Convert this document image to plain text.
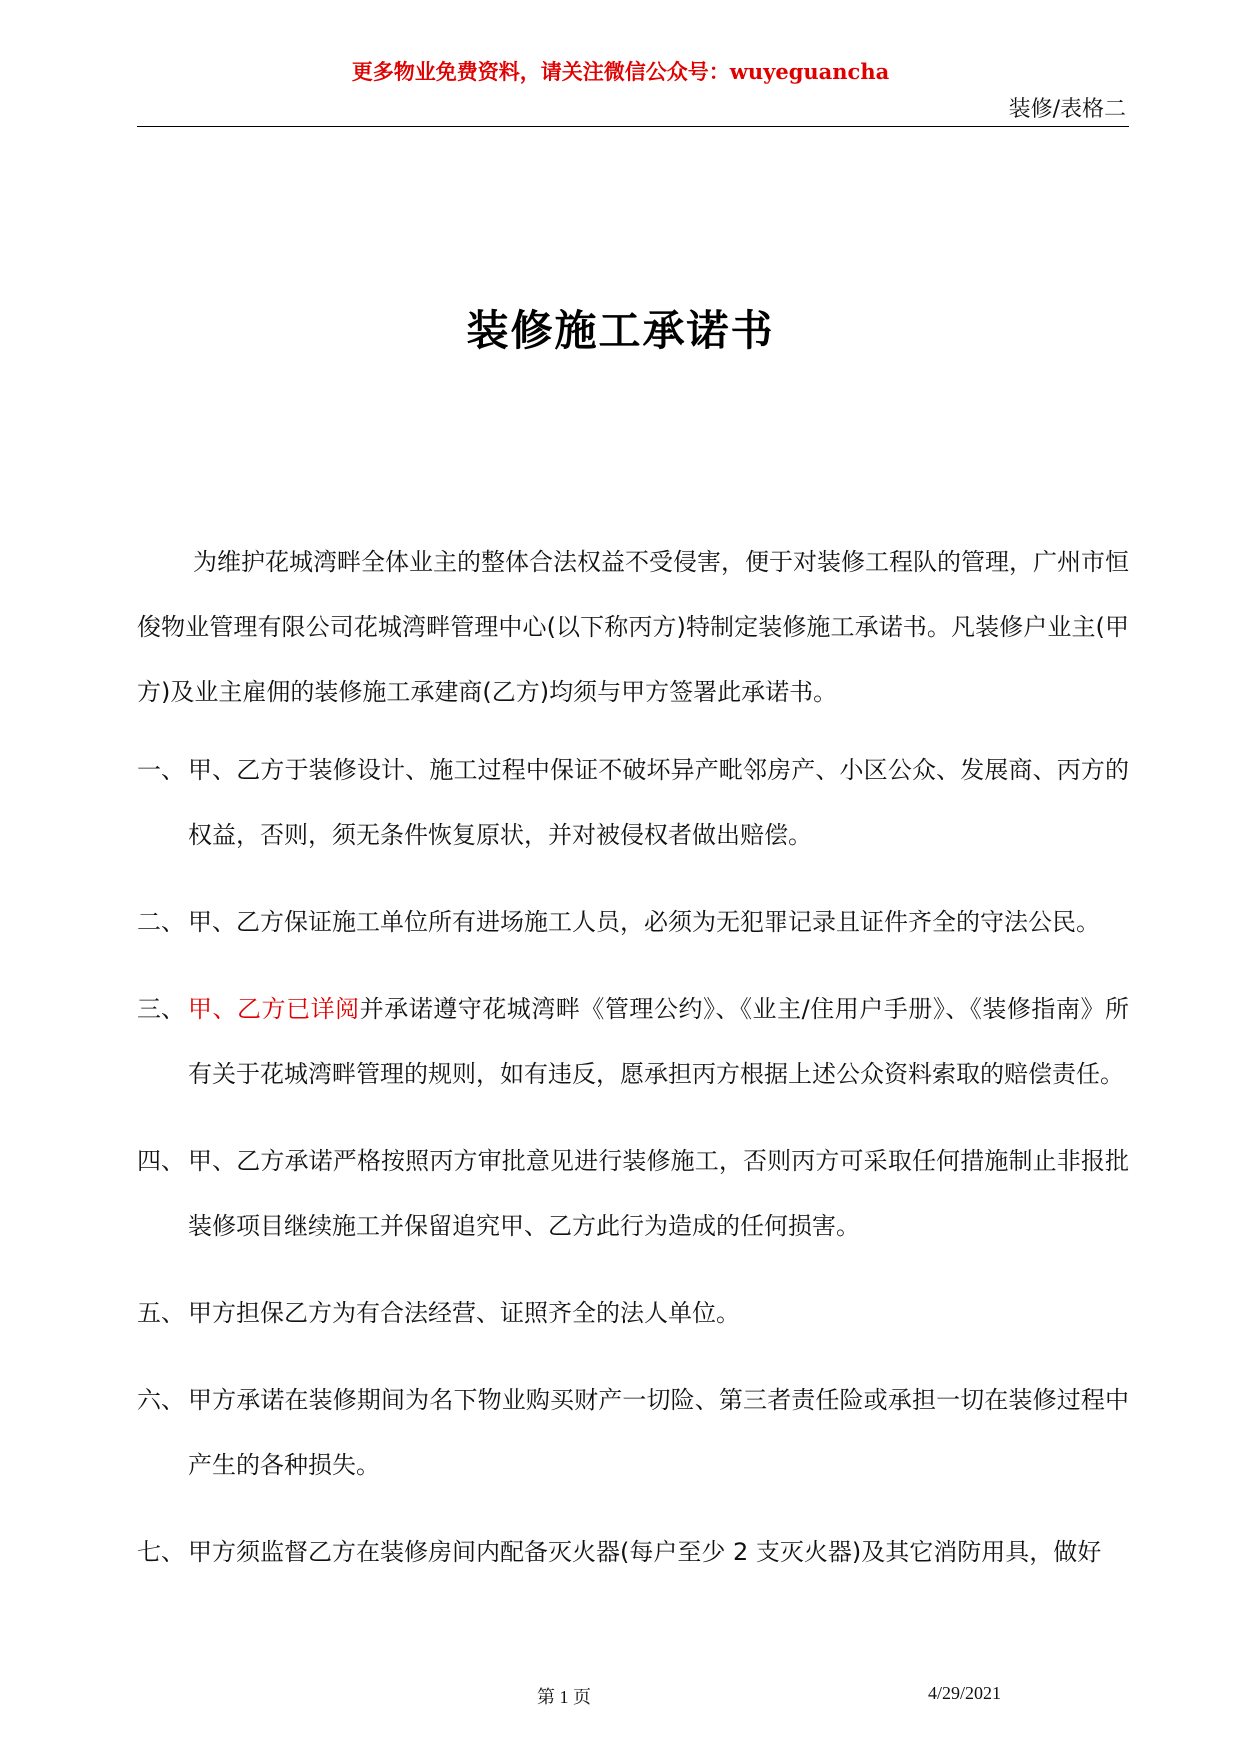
更多物业免费资料，请关注微信公众号：wuyeguancha
装修/表格二
装修施工承诺书

为维护花城湾畔全体业主的整体合法权益不受侵害，便于对装修工程队的管理，广州市恒俊物业管理有限公司花城湾畔管理中心(以下称丙方)特制定装修施工承诺书。凡装修户业主(甲方)及业主雇佣的装修施工承建商(乙方)均须与甲方签署此承诺书。

一、 甲、乙方于装修设计、施工过程中保证不破坏异产毗邻房产、小区公众、发展商、丙方的权益，否则，须无条件恢复原状，并对被侵权者做出赔偿。
二、 甲、乙方保证施工单位所有进场施工人员，必须为无犯罪记录且证件齐全的守法公民。
三、 甲、乙方已详阅并承诺遵守花城湾畔《管理公约》、《业主/住用户手册》、《装修指南》所有关于花城湾畔管理的规则，如有违反，愿承担丙方根据上述公众资料索取的赔偿责任。
四、 甲、乙方承诺严格按照丙方审批意见进行装修施工，否则丙方可采取任何措施制止非报批装修项目继续施工并保留追究甲、乙方此行为造成的任何损害。
五、 甲方担保乙方为有合法经营、证照齐全的法人单位。
六、 甲方承诺在装修期间为名下物业购买财产一切险、第三者责任险或承担一切在装修过程中产生的各种损失。
七、 甲方须监督乙方在装修房间内配备灭火器(每户至少 2 支灭火器)及其它消防用具，做好
第 1 页	4/29/2021
